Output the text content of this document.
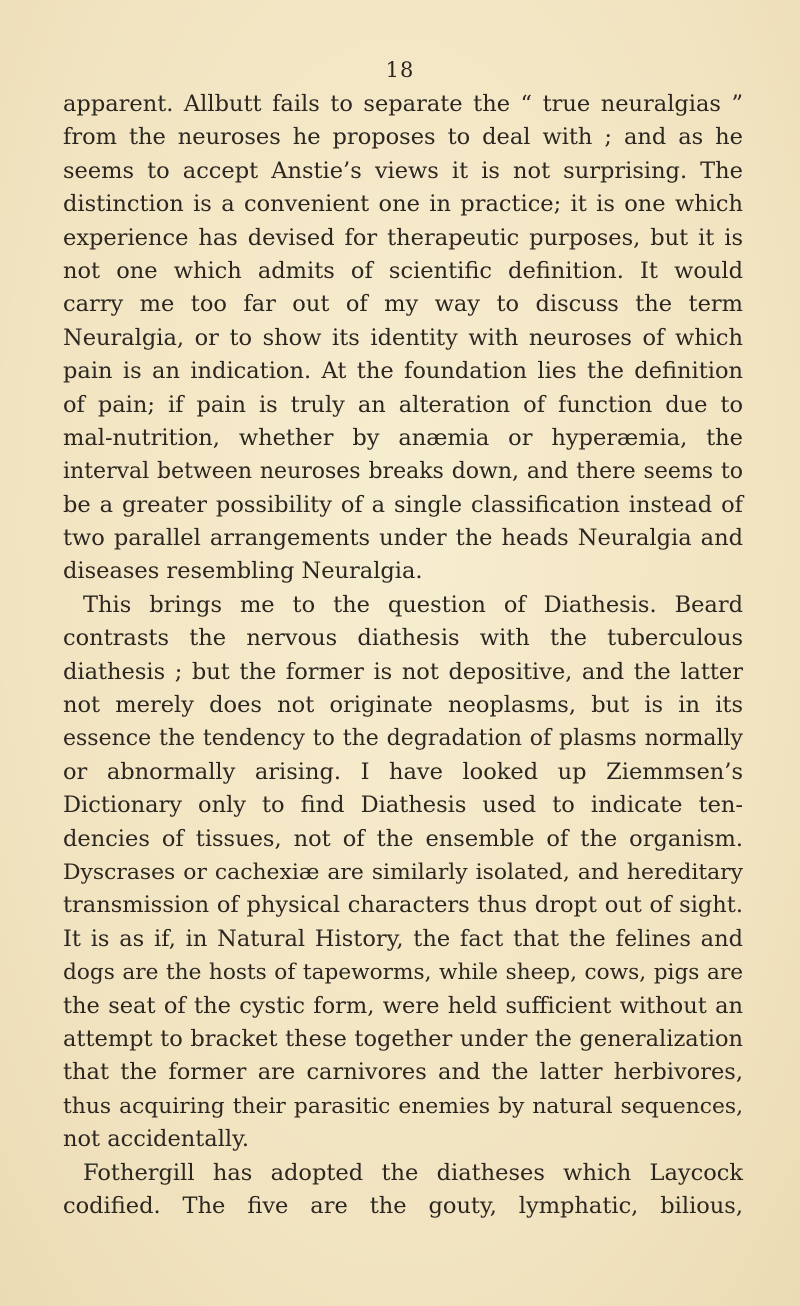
18
apparent. Allbutt fails to separate the “ true neuralgias ”
from the neuroses he proposes to deal with ; and as he
seems to accept Anstie’s views it is not surprising. The
distinction is a convenient one in practice; it is one which
experience has devised for therapeutic purposes, but it is
not one which admits of scientific definition. It would
carry me too far out of my way to discuss the term
Neuralgia, or to show its identity with neuroses of which
pain is an indication. At the foundation lies the definition
of pain; if pain is truly an alteration of function due to
mal-nutrition, whether by anæmia or hyperæmia, the
interval between neuroses breaks down, and there seems to
be a greater possibility of a single classification instead of
two parallel arrangements under the heads Neuralgia and
diseases resembling Neuralgia.
This brings me to the question of Diathesis. Beard
contrasts the nervous diathesis with the tuberculous
diathesis ; but the former is not depositive, and the latter
not merely does not originate neoplasms, but is in its
essence the tendency to the degradation of plasms normally
or abnormally arising. I have looked up Ziemmsen’s
Dictionary only to find Diathesis used to indicate ten-
dencies of tissues, not of the ensemble of the organism.
Dyscrases or cachexiæ are similarly isolated, and hereditary
transmission of physical characters thus dropt out of sight.
It is as if, in Natural History, the fact that the felines and
dogs are the hosts of tapeworms, while sheep, cows, pigs are
the seat of the cystic form, were held sufficient without an
attempt to bracket these together under the generalization
that the former are carnivores and the latter herbivores,
thus acquiring their parasitic enemies by natural sequences,
not accidentally.
Fothergill has adopted the diatheses which Laycock
codified. The five are the gouty, lymphatic, bilious,
